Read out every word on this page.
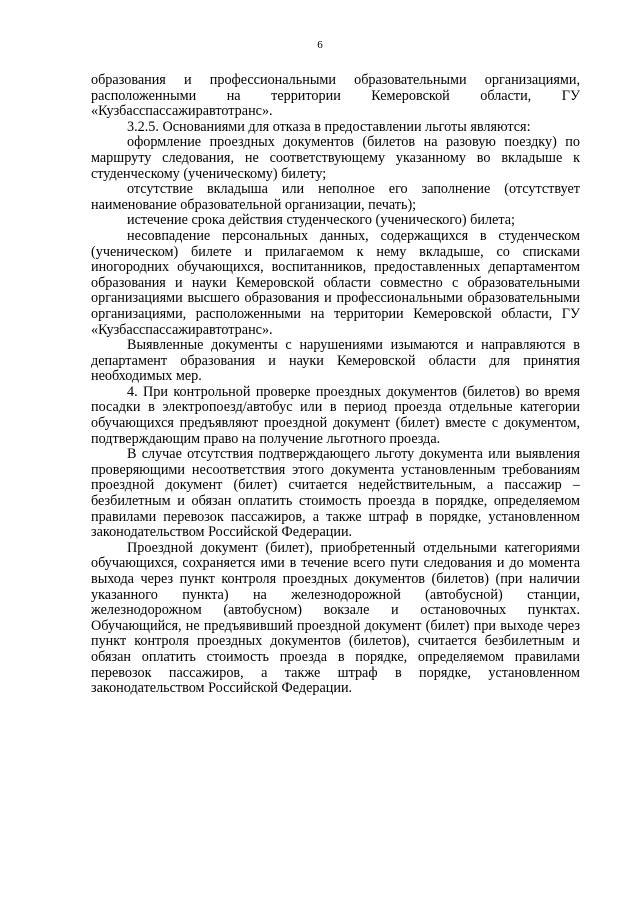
6

образования и профессиональными образовательными организациями, расположенными на территории Кемеровской области, ГУ «Кузбасспассажиравтотранс».

3.2.5. Основаниями для отказа в предоставлении льготы являются:

оформление проездных документов (билетов на разовую поездку) по маршруту следования, не соответствующему указанному во вкладыше к студенческому (ученическому) билету;

отсутствие вкладыша или неполное его заполнение (отсутствует наименование образовательной организации, печать);

истечение срока действия студенческого (ученического) билета;

несовпадение персональных данных, содержащихся в студенческом (ученическом) билете и прилагаемом к нему вкладыше, со списками иногородних обучающихся, воспитанников, предоставленных департаментом образования и науки Кемеровской области совместно с образовательными организациями высшего образования и профессиональными образовательными организациями, расположенными на территории Кемеровской области, ГУ «Кузбасспассажиравтотранс».

Выявленные документы с нарушениями изымаются и направляются в департамент образования и науки Кемеровской области для принятия необходимых мер.

4. При контрольной проверке проездных документов (билетов) во время посадки в электропоезд/автобус или в период проезда отдельные категории обучающихся предъявляют проездной документ (билет) вместе с документом, подтверждающим право на получение льготного проезда.

В случае отсутствия подтверждающего льготу документа или выявления проверяющими несоответствия этого документа установленным требованиям проездной документ (билет) считается недействительным, а пассажир – безбилетным и обязан оплатить стоимость проезда в порядке, определяемом правилами перевозок пассажиров, а также штраф в порядке, установленном законодательством Российской Федерации.

Проездной документ (билет), приобретенный отдельными категориями обучающихся, сохраняется ими в течение всего пути следования и до момента выхода через пункт контроля проездных документов (билетов) (при наличии указанного пункта) на железнодорожной (автобусной) станции, железнодорожном (автобусном) вокзале и остановочных пунктах. Обучающийся, не предъявивший проездной документ (билет) при выходе через пункт контроля проездных документов (билетов), считается безбилетным и обязан оплатить стоимость проезда в порядке, определяемом правилами перевозок пассажиров, а также штраф в порядке, установленном законодательством Российской Федерации.
